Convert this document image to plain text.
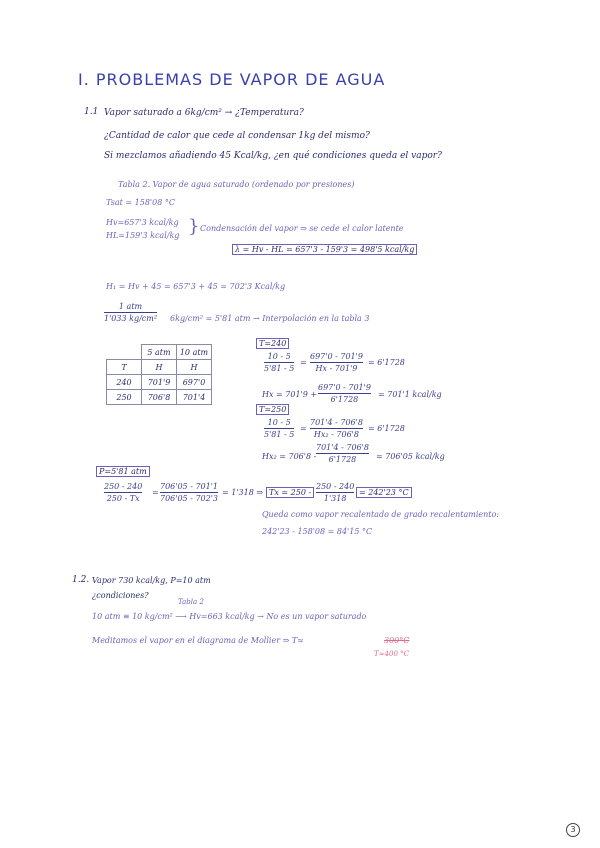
I. PROBLEMAS DE VAPOR DE AGUA
1.1 Vapor saturado a 6kg/cm² → ¿Temperatura?
¿Cantidad de calor que cede al condensar 1kg del mismo?
Si mezclamos añadiendo 45 Kcal/kg, ¿en qué condiciones queda el vapor?
Tabla 2. Vapor de agua saturado (ordenado por presiones)
Tsat = 158'08 °C
Hv=657'3 kcal/kg
HL=159'3 kcal/kg } Condensación del vapor ⇒ se cede el calor latente
λ = Hv - HL = 657'3 - 159'3 = 498'5 kcal/kg
H₁ = Hv + 45 = 657'3 + 45 = 702'3 Kcal/kg
1 atm
1'033 kg/cm² 6kg/cm² = 5'81 atm → Interpolación en la tabla 3
	5 atm	10 atm
T	H	H
240	701'9	697'0
250	706'8	701'4
T=240
10 - 5
5'81 - 5
=
697'0 - 701'9
Hx - 701'9
= 6'1728
Hx = 701'9 +
697'0 - 701'9
6'1728
= 701'1 kcal/kg
T=250
10 - 5
5'81 - 5
=
701'4 - 706'8
Hx₂ - 706'8
= 6'1728
Hx₂ = 706'8 -
701'4 - 706'8
6'1728 = 706'05 kcal/kg
P=5'81 atm
250 - 240
250 - Tx
=
706'05 - 701'1
706'05 - 702'3
= 1'318 ⇒ Tx = 250 -
250 - 240
1'318
= 242'23 °C
Queda como vapor recalentado de grado recalentamiento:
242'23 - 158'08 = 84'15 °C
1.2. Vapor 730 kcal/kg, P=10 atm
¿condiciones?
Tabla 2
10 atm ≡ 10 kg/cm² ⟶ Hv=663 kcal/kg → No es un vapor saturado
Meditamos el vapor en el diagrama de Mollier ⇒ T≈	300°C
T≈400 °C
3
